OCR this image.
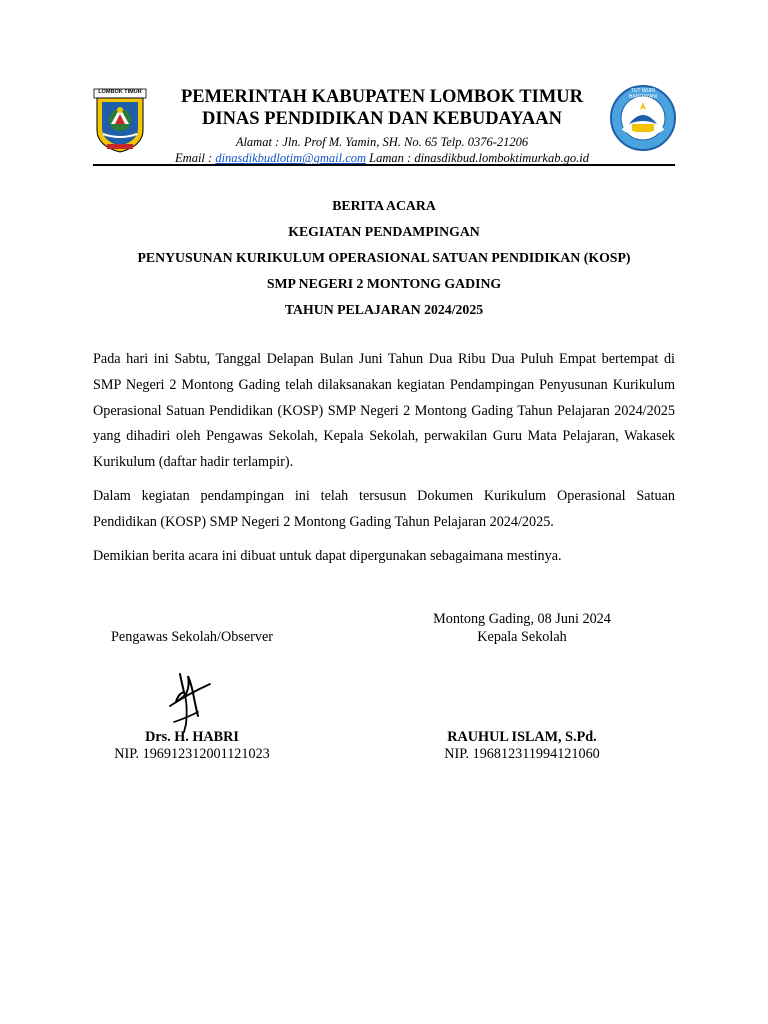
LOMBOK TIMUR	TUT WURI HANDAYANI
PEMERINTAH KABUPATEN LOMBOK TIMUR
DINAS PENDIDIKAN DAN KEBUDAYAAN
Alamat : Jln. Prof M. Yamin, SH. No. 65 Telp. 0376-21206
Email : dinasdikbudlotim@gmail.com Laman : dinasdikbud.lomboktimurkab.go.id
BERITA ACARA
KEGIATAN PENDAMPINGAN
PENYUSUNAN KURIKULUM OPERASIONAL SATUAN PENDIDIKAN (KOSP)
SMP NEGERI 2 MONTONG GADING
TAHUN PELAJARAN 2024/2025

Pada hari ini Sabtu, Tanggal Delapan Bulan Juni Tahun Dua Ribu Dua Puluh Empat bertempat di SMP Negeri 2 Montong Gading telah dilaksanakan kegiatan Pendampingan Penyusunan Kurikulum Operasional Satuan Pendidikan (KOSP) SMP Negeri 2 Montong Gading Tahun Pelajaran 2024/2025 yang dihadiri oleh Pengawas Sekolah, Kepala Sekolah, perwakilan Guru Mata Pelajaran, Wakasek Kurikulum (daftar hadir terlampir).

Dalam kegiatan pendampingan ini telah tersusun Dokumen Kurikulum Operasional Satuan Pendidikan (KOSP) SMP Negeri 2 Montong Gading Tahun Pelajaran 2024/2025.

Demikian berita acara ini dibuat untuk dapat dipergunakan sebagaimana mestinya.

Montong Gading, 08 Juni 2024
Kepala Sekolah
Pengawas Sekolah/Observer
Drs. H. HABRI
NIP. 196912312001121023
RAUHUL ISLAM, S.Pd.
NIP. 196812311994121060
